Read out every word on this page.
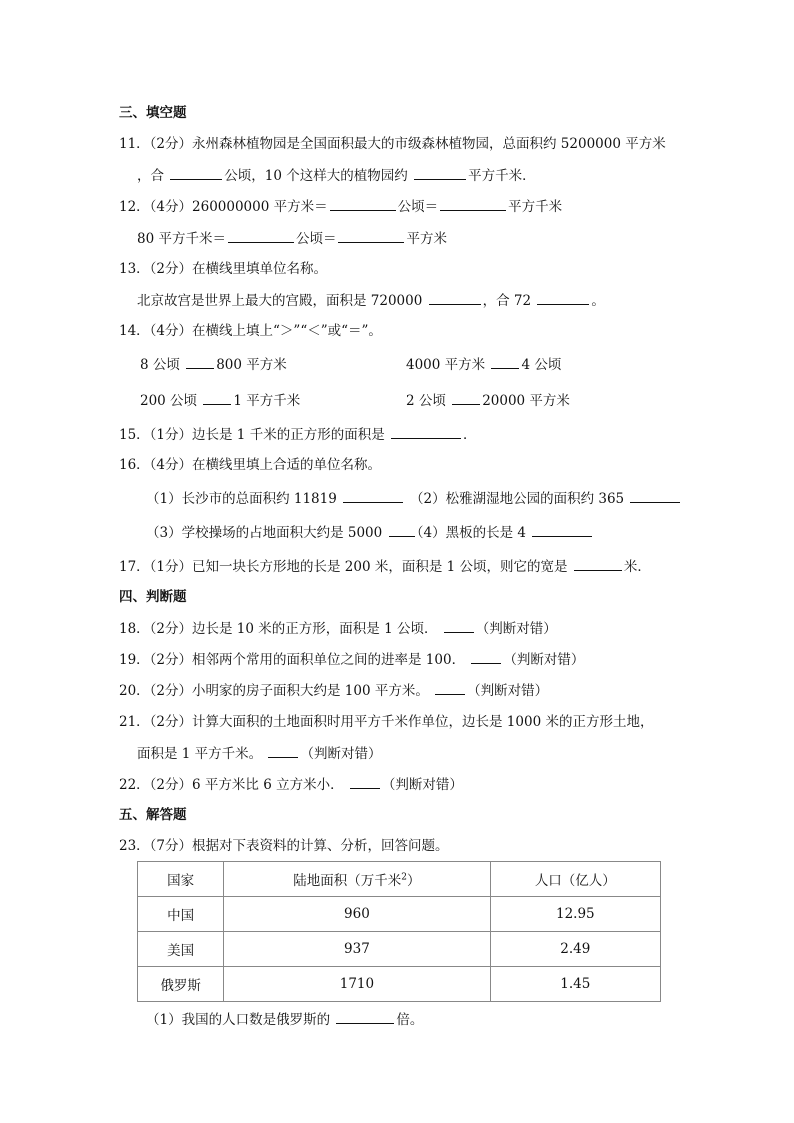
三、填空题
11．（2分）永州森林植物园是全国面积最大的市级森林植物园，总面积约 5200000 平方米
，合	公顷，10 个这样大的植物园约	平方千米．
12．（4分）260000000 平方米＝	公顷＝	平方千米
80 平方千米＝	公顷＝	平方米
13．（2分）在横线里填单位名称。
北京故宫是世界上最大的宫殿，面积是 720000	，合 72	。
14．（4分）在横线上填上“＞”“＜”或“＝”。
8 公顷	800 平方米	4000 平方米	4 公顷
200 公顷	1 平方千米	2 公顷	20000 平方米
15．（1分）边长是 1 千米的正方形的面积是	．
16．（4分）在横线里填上合适的单位名称。
（1）长沙市的总面积约 11819	（2）松雅湖湿地公园的面积约 365
（3）学校操场的占地面积大约是 5000	（4）黑板的长是 4
17．（1分）已知一块长方形地的长是 200 米，面积是 1 公顷，则它的宽是	米．
四、判断题
18．（2分）边长是 10 米的正方形，面积是 1 公顷．	（判断对错）
19．（2分）相邻两个常用的面积单位之间的进率是 100．	（判断对错）
20．（2分）小明家的房子面积大约是 100 平方米。	（判断对错）
21．（2分）计算大面积的土地面积时用平方千米作单位，边长是 1000 米的正方形土地，
面积是 1 平方千米。	（判断对错）
22．（2分）6 平方米比 6 立方米小．	（判断对错）
五、解答题
23．（7分）根据对下表资料的计算、分析，回答问题。
国家	陆地面积（万千米$^2$）	人口（亿人）
中国	960	12.95
美国	937	2.49
俄罗斯	1710	1.45
（1）我国的人口数是俄罗斯的	倍。
